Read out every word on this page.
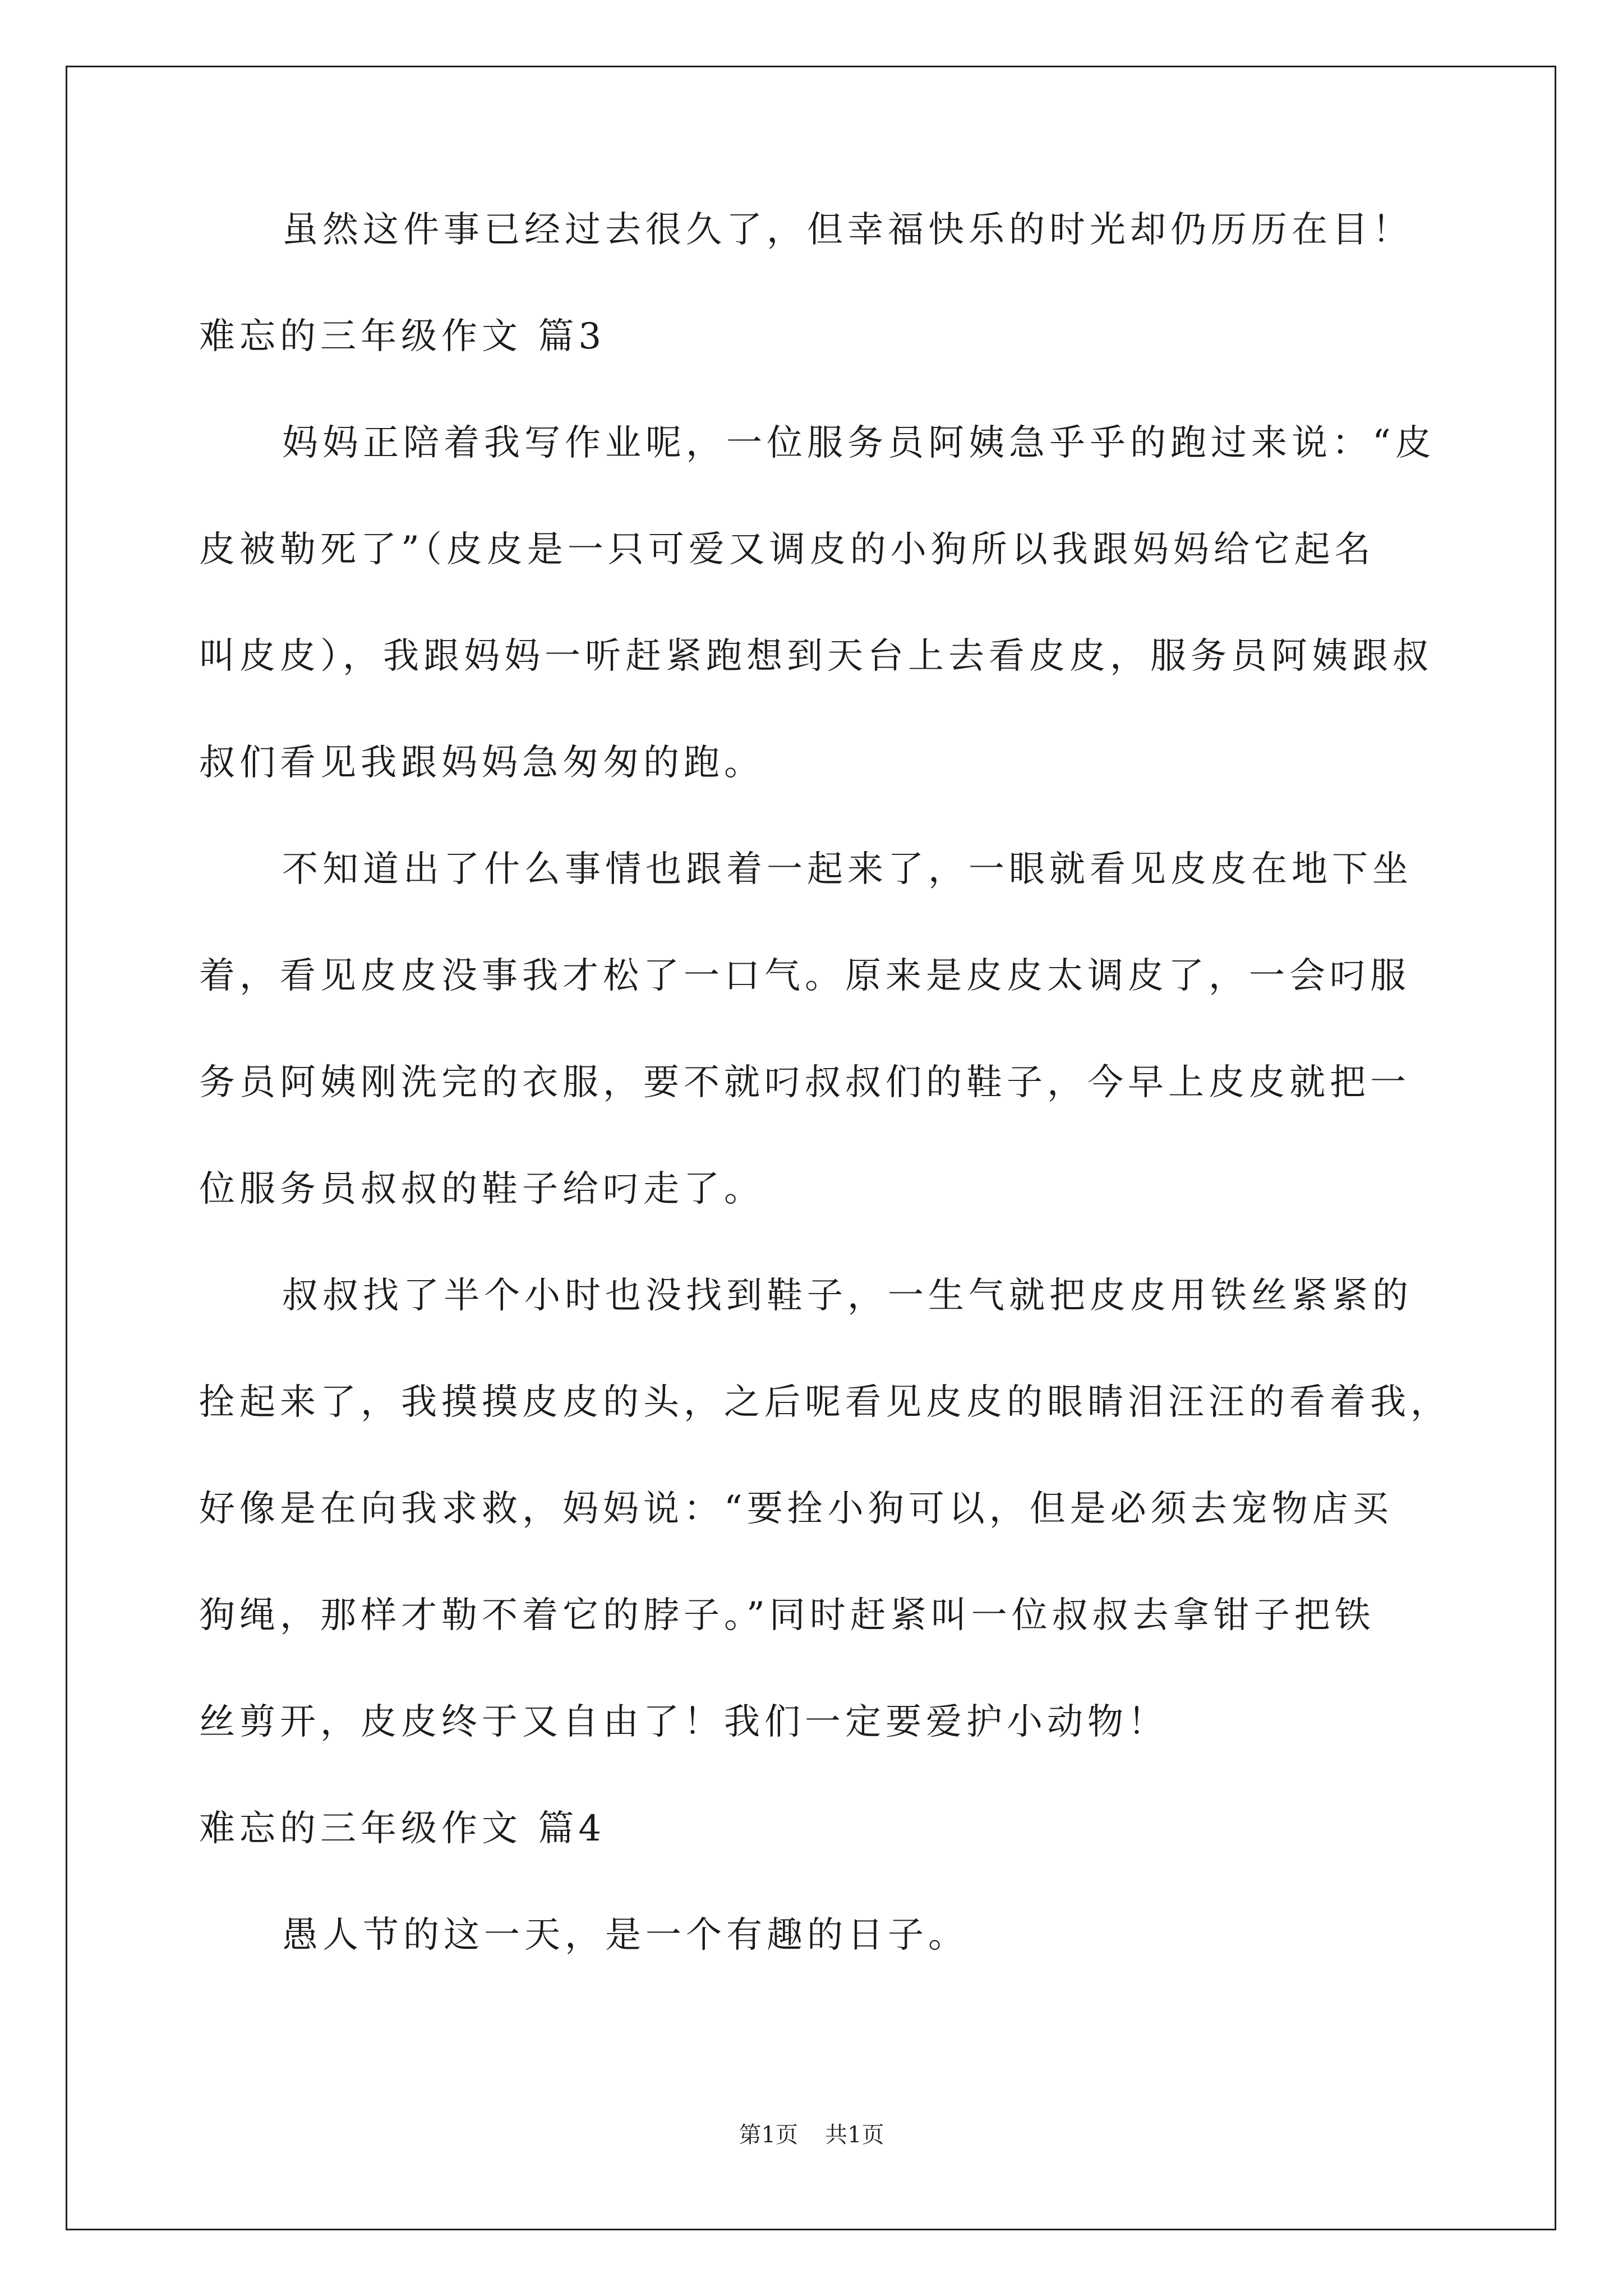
虽然这件事已经过去很久了，但幸福快乐的时光却仍历历在目！
难忘的三年级作文 篇3
妈妈正陪着我写作业呢，一位服务员阿姨急乎乎的跑过来说：“皮
皮被勒死了”（皮皮是一只可爱又调皮的小狗所以我跟妈妈给它起名
叫皮皮），我跟妈妈一听赶紧跑想到天台上去看皮皮，服务员阿姨跟叔
叔们看见我跟妈妈急匆匆的跑。
不知道出了什么事情也跟着一起来了，一眼就看见皮皮在地下坐
着，看见皮皮没事我才松了一口气。原来是皮皮太调皮了，一会叼服
务员阿姨刚洗完的衣服，要不就叼叔叔们的鞋子，今早上皮皮就把一
位服务员叔叔的鞋子给叼走了。
叔叔找了半个小时也没找到鞋子，一生气就把皮皮用铁丝紧紧的
拴起来了，我摸摸皮皮的头，之后呢看见皮皮的眼睛泪汪汪的看着我，
好像是在向我求救，妈妈说：“要拴小狗可以，但是必须去宠物店买
狗绳，那样才勒不着它的脖子。”同时赶紧叫一位叔叔去拿钳子把铁
丝剪开，皮皮终于又自由了！我们一定要爱护小动物！
难忘的三年级作文 篇4
愚人节的这一天，是一个有趣的日子。
第1页 共1页
